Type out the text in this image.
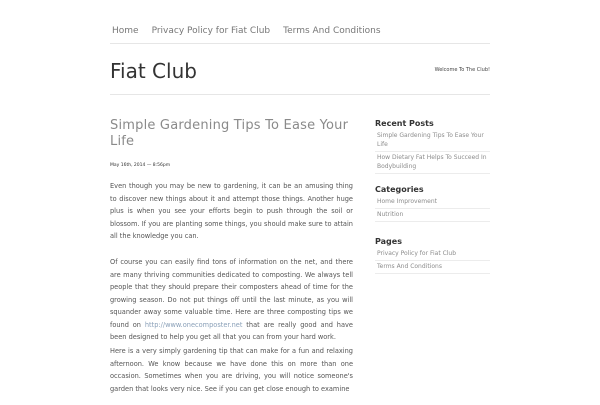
Home Privacy Policy for Fiat Club Terms And Conditions
Fiat Club	Welcome To The Club!
Simple Gardening Tips To Ease Your Life

May 16th, 2014 — 8:56pm

Even though you may be new to gardening, it can be an amusing thing to discover new things about it and attempt those things. Another huge plus is when you see your efforts begin to push through the soil or blossom. If you are planting some things, you should make sure to attain all the knowledge you can.

Of course you can easily find tons of information on the net, and there are many thriving communities dedicated to composting. We always tell people that they should prepare their composters ahead of time for the growing season. Do not put things off until the last minute, as you will squander away some valuable time. Here are three composting tips we found on http://www.onecomposter.net that are really good and have been designed to help you get all that you can from your hard work.

Here is a very simply gardening tip that can make for a fun and relaxing afternoon. We know because we have done this on more than one occasion. Sometimes when you are driving, you will notice someone's garden that looks very nice. See if you can get close enough to examine

Recent Posts
Simple Gardening Tips To Ease Your Life
How Dietary Fat Helps To Succeed In Bodybuilding
Categories
Home Improvement
Nutrition
Pages
Privacy Policy for Fiat Club
Terms And Conditions
